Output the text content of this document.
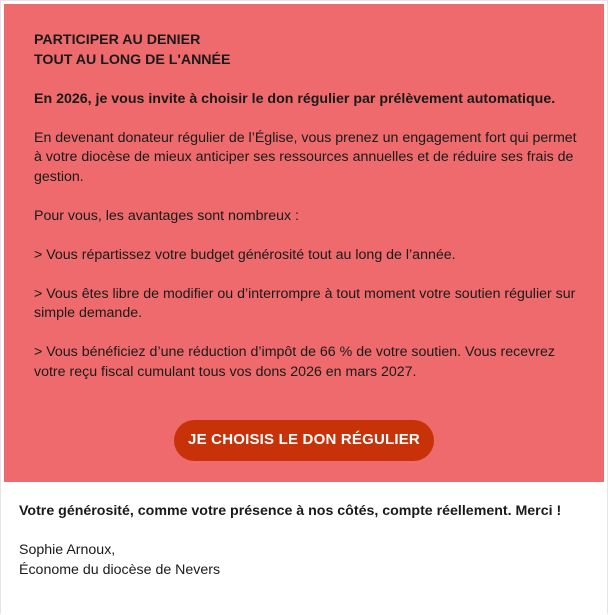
PARTICIPER AU DENIER

TOUT AU LONG DE L'ANNÉE

En 2026, je vous invite à choisir le don régulier par prélèvement automatique.

En devenant donateur régulier de l’Église, vous prenez un engagement fort qui permet à votre diocèse de mieux anticiper ses ressources annuelles et de réduire ses frais de gestion.

Pour vous, les avantages sont nombreux :

> Vous répartissez votre budget générosité tout au long de l’année.

> Vous êtes libre de modifier ou d’interrompre à tout moment votre soutien régulier sur simple demande.

> Vous bénéficiez d’une réduction d’impôt de 66 % de votre soutien. Vous recevrez votre reçu fiscal cumulant tous vos dons 2026 en mars 2027.

JE CHOISIS LE DON RÉGULIER

Votre générosité, comme votre présence à nos côtés, compte réellement. Merci !

Sophie Arnoux,

Économe du diocèse de Nevers
